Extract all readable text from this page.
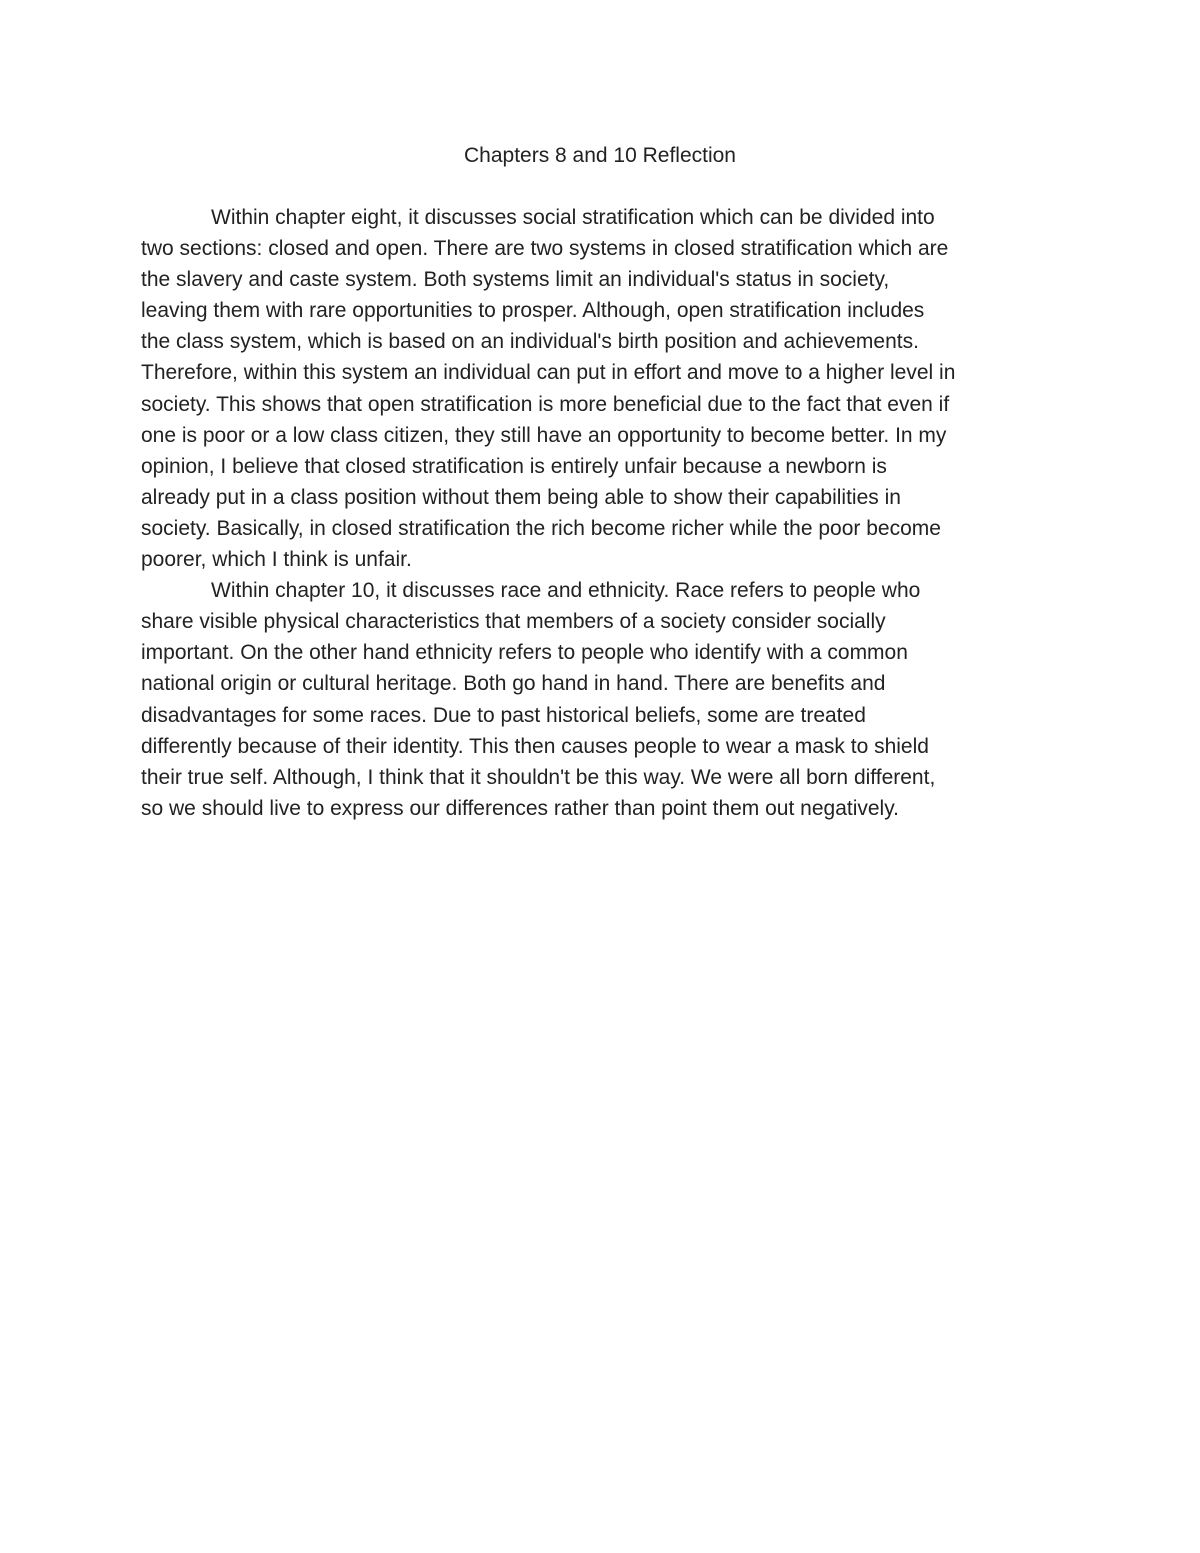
Chapters 8 and 10 Reflection

Within chapter eight, it discusses social stratification which can be divided into
two sections: closed and open. There are two systems in closed stratification which are
the slavery and caste system. Both systems limit an individual's status in society,
leaving them with rare opportunities to prosper. Although, open stratification includes
the class system, which is based on an individual's birth position and achievements.
Therefore, within this system an individual can put in effort and move to a higher level in
society. This shows that open stratification is more beneficial due to the fact that even if
one is poor or a low class citizen, they still have an opportunity to become better. In my
opinion, I believe that closed stratification is entirely unfair because a newborn is
already put in a class position without them being able to show their capabilities in
society. Basically, in closed stratification the rich become richer while the poor become
poorer, which I think is unfair.

Within chapter 10, it discusses race and ethnicity. Race refers to people who
share visible physical characteristics that members of a society consider socially
important. On the other hand ethnicity refers to people who identify with a common
national origin or cultural heritage. Both go hand in hand. There are benefits and
disadvantages for some races. Due to past historical beliefs, some are treated
differently because of their identity. This then causes people to wear a mask to shield
their true self. Although, I think that it shouldn't be this way. We were all born different,
so we should live to express our differences rather than point them out negatively.
